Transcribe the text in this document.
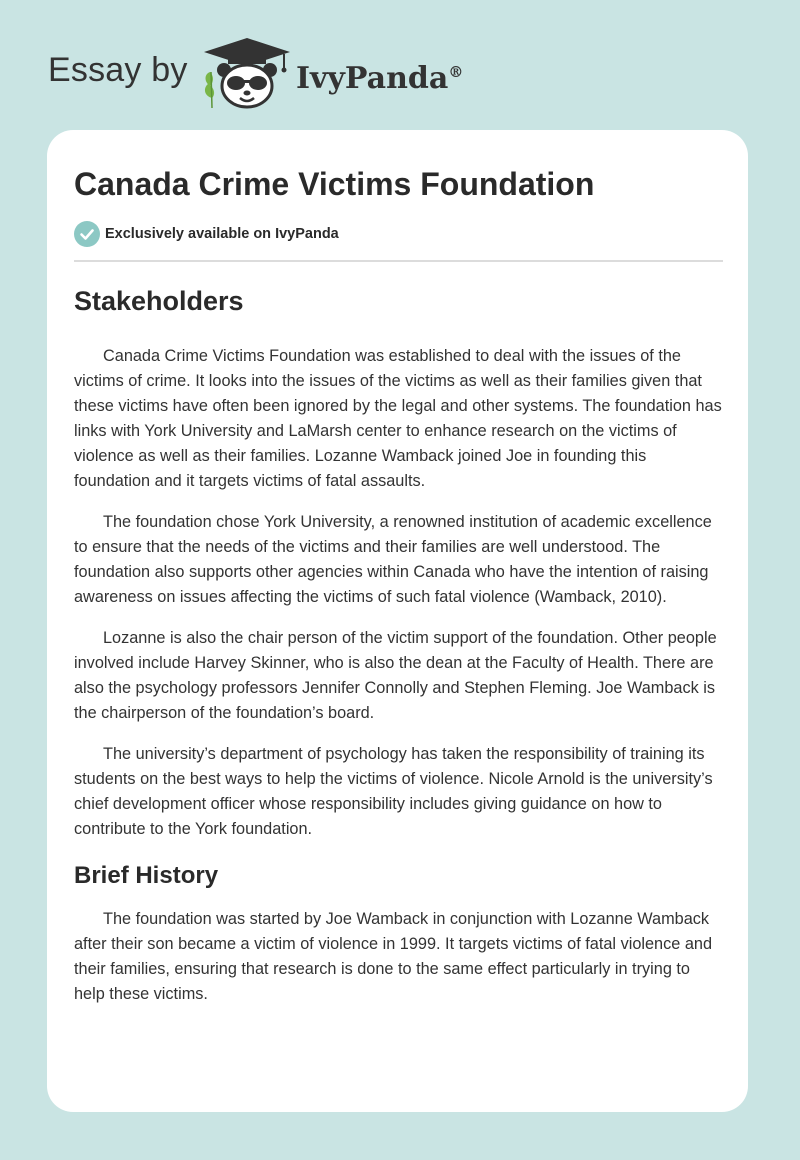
Essay by	IvyPanda®
Canada Crime Victims Foundation
Exclusively available on IvyPanda
Stakeholders

Canada Crime Victims Foundation was established to deal with the issues of the victims of crime. It looks into the issues of the victims as well as their families given that these victims have often been ignored by the legal and other systems. The foundation has links with York University and LaMarsh center to enhance research on the victims of violence as well as their families. Lozanne Wamback joined Joe in founding this foundation and it targets victims of fatal assaults.

The foundation chose York University, a renowned institution of academic excellence to ensure that the needs of the victims and their families are well understood. The foundation also supports other agencies within Canada who have the intention of raising awareness on issues affecting the victims of such fatal violence (Wamback, 2010).

Lozanne is also the chair person of the victim support of the foundation. Other people involved include Harvey Skinner, who is also the dean at the Faculty of Health. There are also the psychology professors Jennifer Connolly and Stephen Fleming. Joe Wamback is the chairperson of the foundation’s board.

The university’s department of psychology has taken the responsibility of training its students on the best ways to help the victims of violence. Nicole Arnold is the university’s chief development officer whose responsibility includes giving guidance on how to contribute to the York foundation.

Brief History

The foundation was started by Joe Wamback in conjunction with Lozanne Wamback after their son became a victim of violence in 1999. It targets victims of fatal violence and their families, ensuring that research is done to the same effect particularly in trying to help these victims.
